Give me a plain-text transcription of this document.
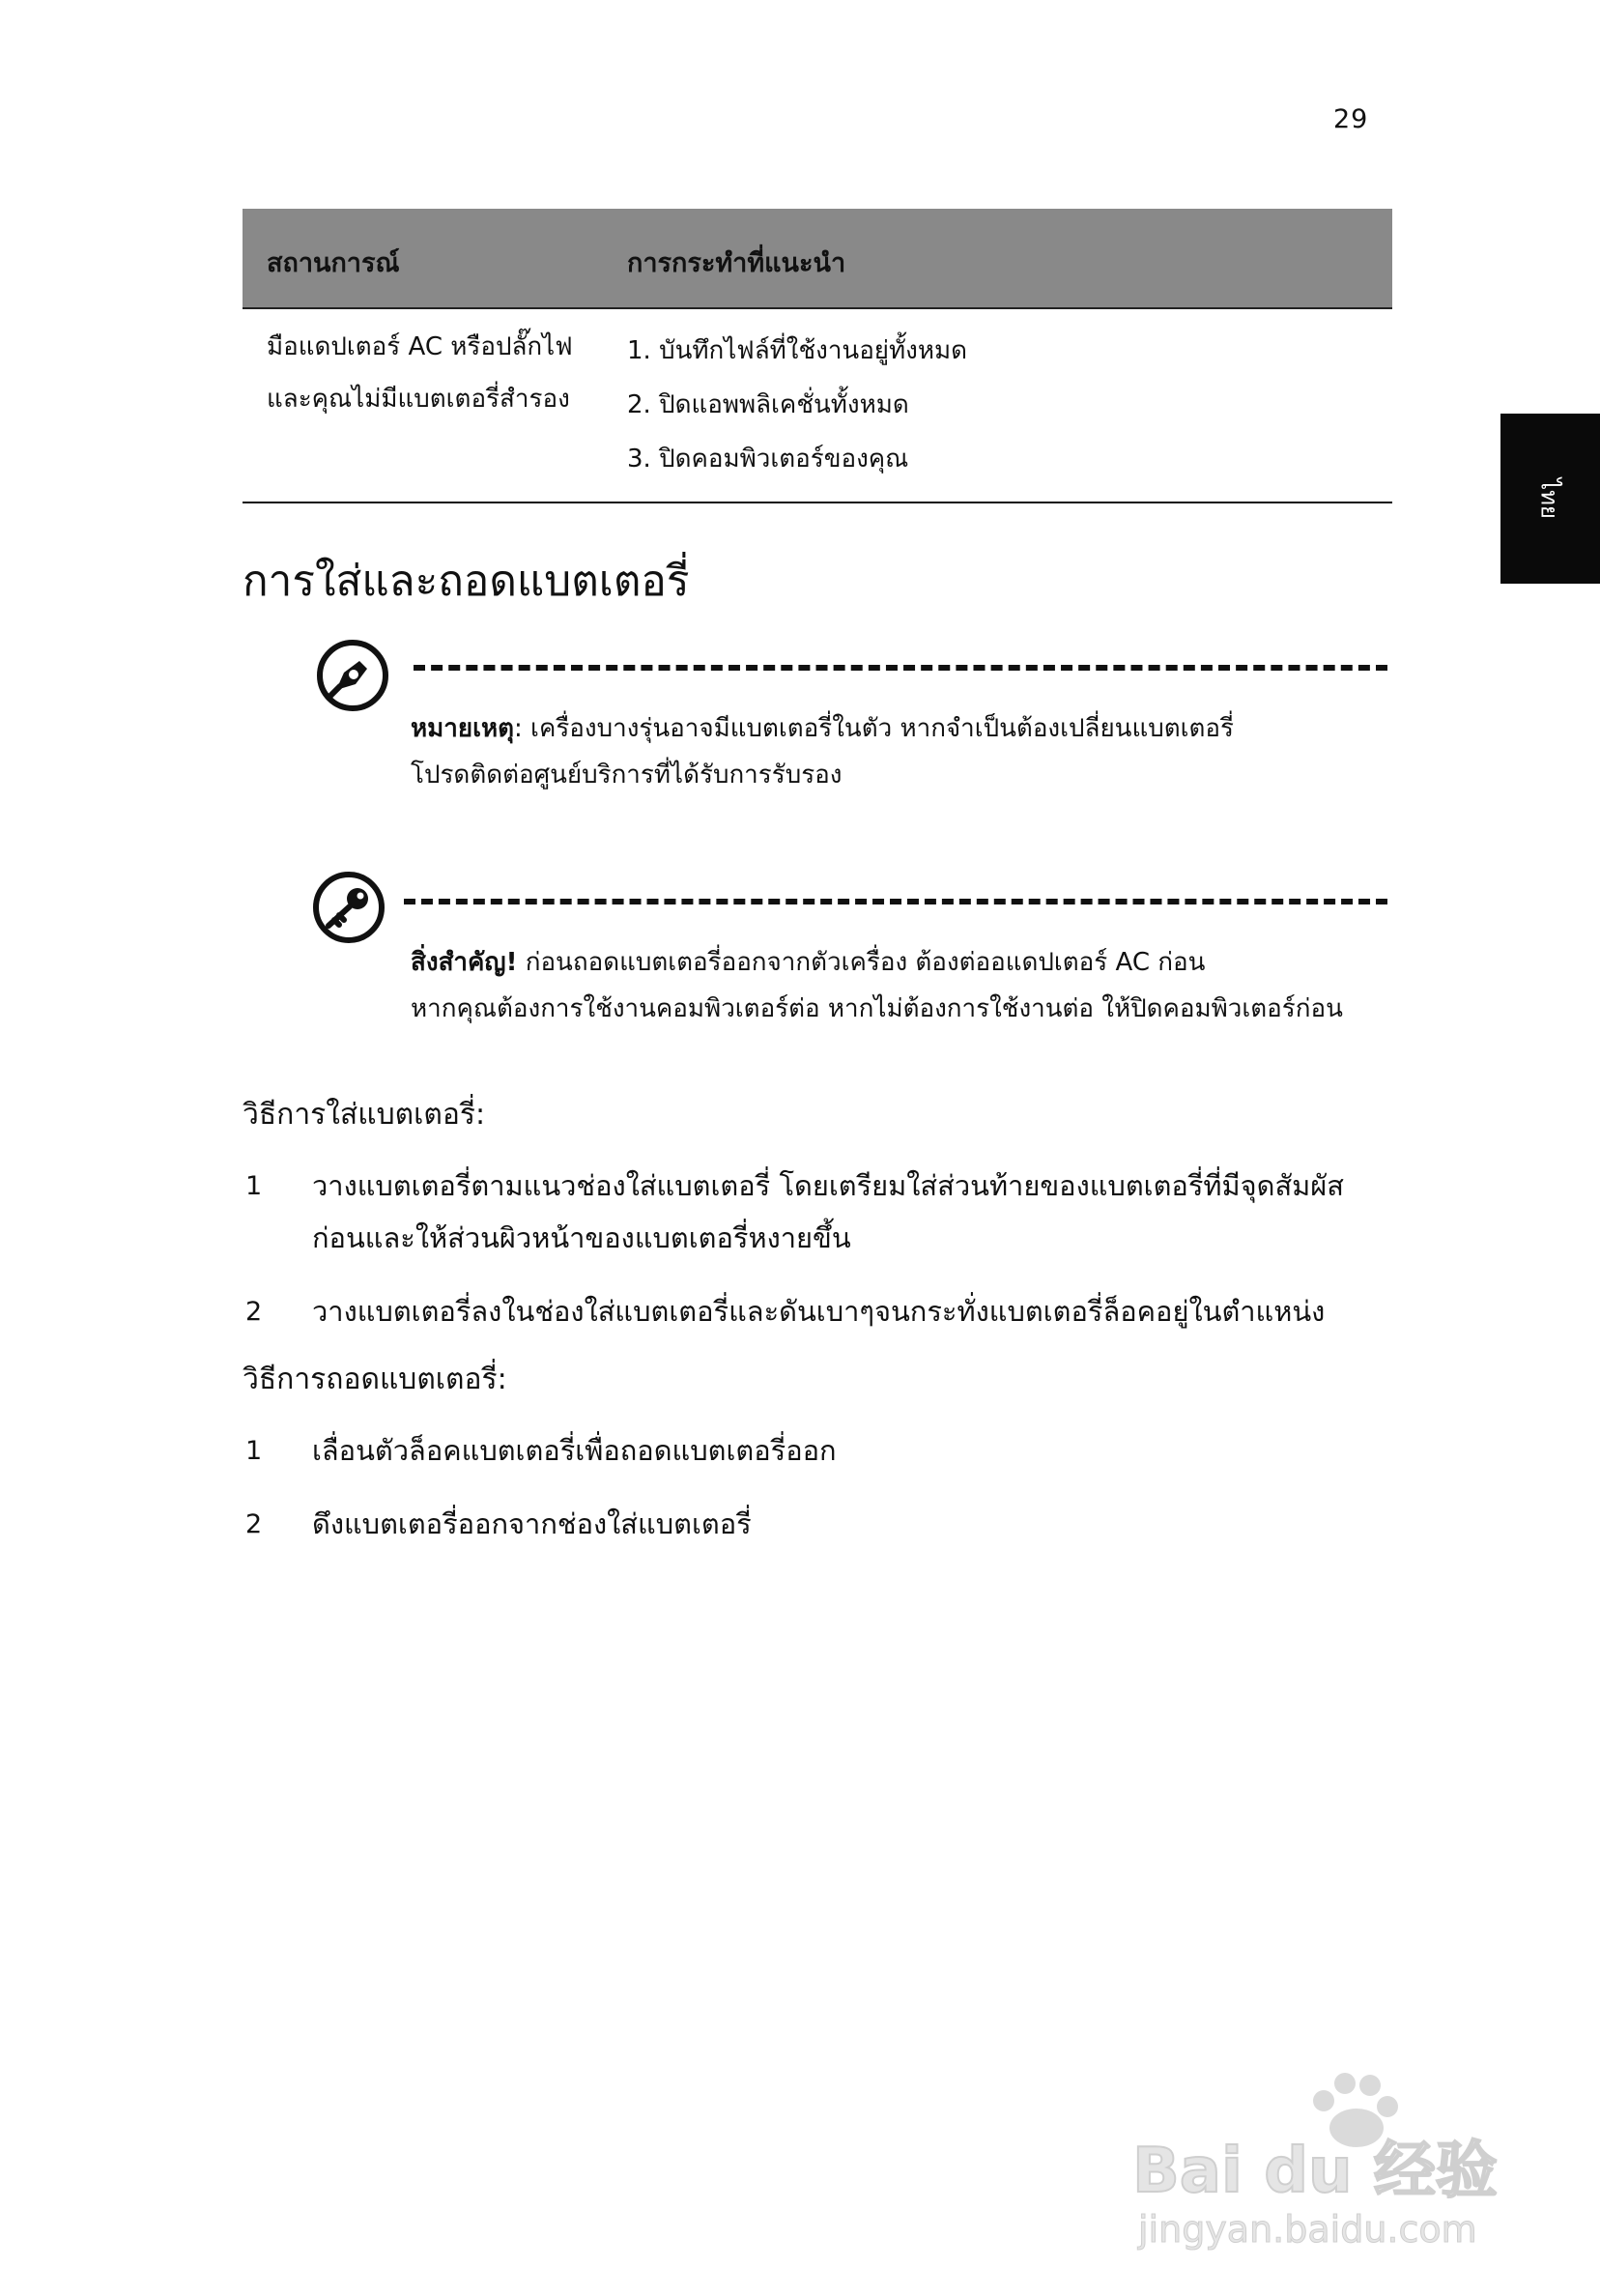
29
ไทย
สถานการณ์	การกระทำที่แนะนำ
มือแดปเตอร์ AC หรือปลั๊กไฟ
และคุณไม่มีแบตเตอรี่สำรอง
1. บันทึกไฟล์ที่ใช้งานอยู่ทั้งหมด
2. ปิดแอพพลิเคชั่นทั้งหมด
3. ปิดคอมพิวเตอร์ของคุณ
การใส่และถอดแบตเตอรี่
หมายเหตุ: เครื่องบางรุ่นอาจมีแบตเตอรี่ในตัว หากจำเป็นต้องเปลี่ยนแบตเตอรี่
โปรดติดต่อศูนย์บริการที่ได้รับการรับรอง
สิ่งสำคัญ! ก่อนถอดแบตเตอรี่ออกจากตัวเครื่อง ต้องต่ออแดปเตอร์ AC ก่อน
หากคุณต้องการใช้งานคอมพิวเตอร์ต่อ หากไม่ต้องการใช้งานต่อ ให้ปิดคอมพิวเตอร์ก่อน
วิธีการใส่แบตเตอรี่:
1 วางแบตเตอรี่ตามแนวช่องใส่แบตเตอรี่ โดยเตรียมใส่ส่วนท้ายของแบตเตอรี่ที่มีจุดสัมผัส
ก่อนและให้ส่วนผิวหน้าของแบตเตอรี่หงายขึ้น
2 วางแบตเตอรี่ลงในช่องใส่แบตเตอรี่และดันเบาๆจนกระทั่งแบตเตอรี่ล็อคอยู่ในตำแหน่ง
วิธีการถอดแบตเตอรี่:
1 เลื่อนตัวล็อคแบตเตอรี่เพื่อถอดแบตเตอรี่ออก
2 ดึงแบตเตอรี่ออกจากช่องใส่แบตเตอรี่
Bai du 经验
jingyan.baidu.com
